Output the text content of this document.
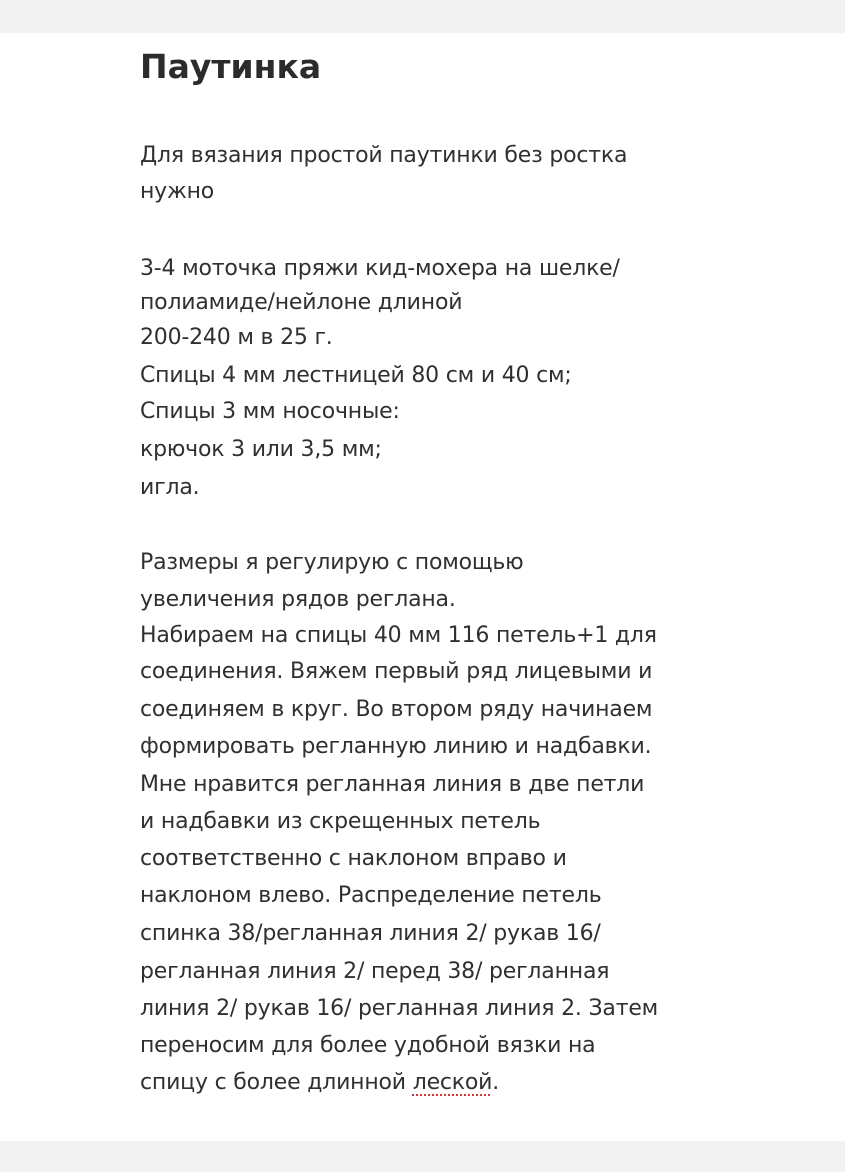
Паутинка
Для вязания простой паутинки без ростка
нужно
3-4 моточка пряжи кид-мохера на шелке/
полиамиде/нейлоне длиной
200-240 м в 25 г.
Спицы 4 мм лестницей 80 см и 40 см;
Спицы 3 мм носочные:
крючок 3 или 3,5 мм;
игла.
Размеры я регулирую с помощью
увеличения рядов реглана.
Набираем на спицы 40 мм 116 петель+1 для
соединения. Вяжем первый ряд лицевыми и
соединяем в круг. Во втором ряду начинаем
формировать регланную линию и надбавки.
Мне нравится регланная линия в две петли
и надбавки из скрещенных петель
соответственно с наклоном вправо и
наклоном влево. Распределение петель
спинка 38/регланная линия 2/ рукав 16/
регланная линия 2/ перед 38/ регланная
линия 2/ рукав 16/ регланная линия 2. Затем
переносим для более удобной вязки на
спицу с более длинной леской.
